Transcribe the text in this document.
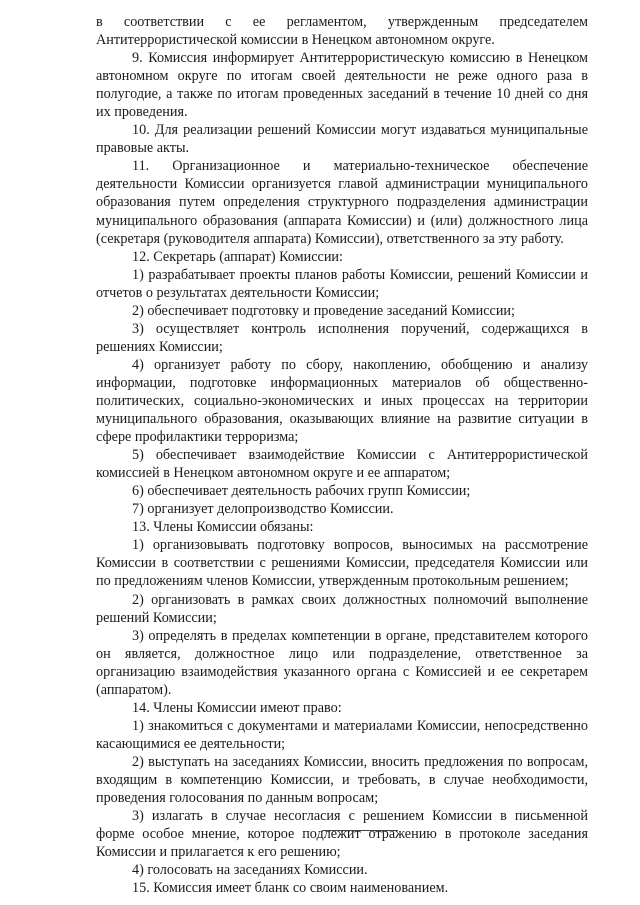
в соответствии с ее регламентом, утвержденным председателем Антитеррористической комиссии в Ненецком автономном округе.

9. Комиссия информирует Антитеррористическую комиссию в Ненецком автономном округе по итогам своей деятельности не реже одного раза в полугодие, а также по итогам проведенных заседаний в течение 10 дней со дня их проведения.

10. Для реализации решений Комиссии могут издаваться муниципальные правовые акты.

11. Организационное и материально-техническое обеспечение деятельности Комиссии организуется главой администрации муниципального образования путем определения структурного подразделения администрации муниципального образования (аппарата Комиссии) и (или) должностного лица (секретаря (руководителя аппарата) Комиссии), ответственного за эту работу.

12. Секретарь (аппарат) Комиссии:

1) разрабатывает проекты планов работы Комиссии, решений Комиссии и отчетов о результатах деятельности Комиссии;

2) обеспечивает подготовку и проведение заседаний Комиссии;

3) осуществляет контроль исполнения поручений, содержащихся в решениях Комиссии;

4) организует работу по сбору, накоплению, обобщению и анализу информации, подготовке информационных материалов об общественно-политических, социально-экономических и иных процессах на территории муниципального образования, оказывающих влияние на развитие ситуации в сфере профилактики терроризма;

5) обеспечивает взаимодействие Комиссии с Антитеррористической комиссией в Ненецком автономном округе и ее аппаратом;

6) обеспечивает деятельность рабочих групп Комиссии;

7) организует делопроизводство Комиссии.

13. Члены Комиссии обязаны:

1) организовывать подготовку вопросов, выносимых на рассмотрение Комиссии в соответствии с решениями Комиссии, председателя Комиссии или по предложениям членов Комиссии, утвержденным протокольным решением;

2) организовать в рамках своих должностных полномочий выполнение решений Комиссии;

3) определять в пределах компетенции в органе, представителем которого он является, должностное лицо или подразделение, ответственное за организацию взаимодействия указанного органа с Комиссией и ее секретарем (аппаратом).

14. Члены Комиссии имеют право:

1) знакомиться с документами и материалами Комиссии, непосредственно касающимися ее деятельности;

2) выступать на заседаниях Комиссии, вносить предложения по вопросам, входящим в компетенцию Комиссии, и требовать, в случае необходимости, проведения голосования по данным вопросам;

3) излагать в случае несогласия с решением Комиссии в письменной форме особое мнение, которое подлежит отражению в протоколе заседания Комиссии и прилагается к его решению;

4) голосовать на заседаниях Комиссии.

15. Комиссия имеет бланк со своим наименованием.
